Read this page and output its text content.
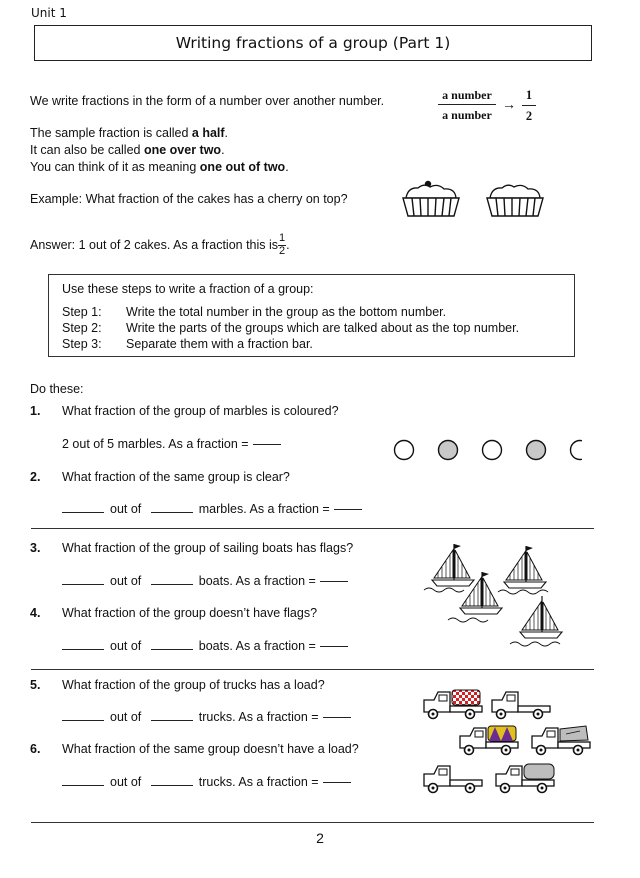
Unit 1
Writing fractions of a group (Part 1)
We write fractions in the form of a number over another number.	a number
a number
→
1
2
The sample fraction is called a half.
It can also be called one over two.
You can think of it as meaning one out of two.
Example: What fraction of the cakes has a cherry on top?
Answer: 1 out of 2 cakes. As a fraction this is $\frac{1}{2}$ .
Use these steps to write a fraction of a group:
Step 1: Write the total number in the group as the bottom number.
Step 2: Write the parts of the groups which are talked about as the top number.
Step 3: Separate them with a fraction bar.
Do these:
1. What fraction of the group of marbles is coloured?
2 out of 5 marbles. As a fraction =
2. What fraction of the same group is clear?
out of	marbles. As a fraction =
3. What fraction of the group of sailing boats has flags?
out of	boats. As a fraction =
4. What fraction of the group doesn’t have flags?
out of	boats. As a fraction =
5. What fraction of the group of trucks has a load?
out of	trucks. As a fraction =
6. What fraction of the same group doesn’t have a load?
out of	trucks. As a fraction =
2
